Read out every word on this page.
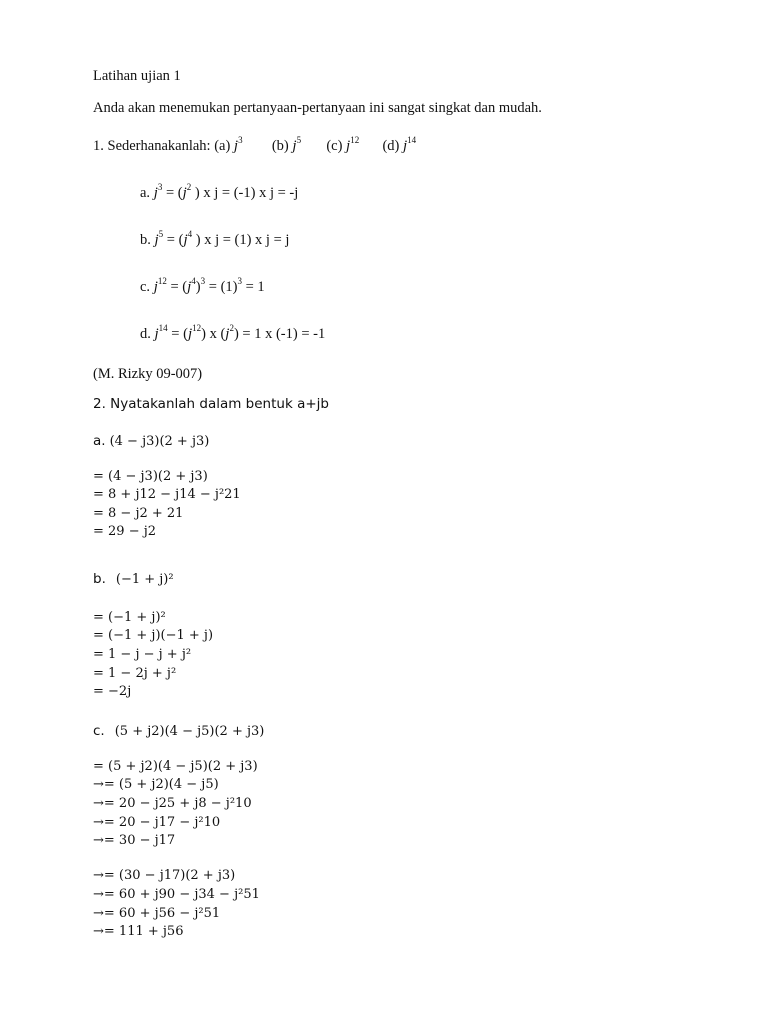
Latihan ujian 1
Anda akan menemukan pertanyaan-pertanyaan ini sangat singkat dan mudah.
1. Sederhanakanlah: (a) $j^3$ (b) $j^5$ (c) $j^{12}$ (d) $j^{14}$
a. $j^3 = (j^2$ ) x j = (-1) x j = -j
b. $j^5 = (j^4$ ) x j = (1) x j = j
c. $j^{12} = (j^4)^3 = (1)^3 = 1$
d. $j^{14} = (j^{12})$ x $(j^2) = 1$ x (-1) = -1
(M. Rizky 09-007)
2. Nyatakanlah dalam bentuk a+jb
a. (4 − j3)(2 + j3)
= (4 − j3)(2 + j3)
= 8 + j12 − j14 − j²21
= 8 − j2 + 21
= 29 − j2
b. (−1 + j)²
= (−1 + j)²
= (−1 + j)(−1 + j)
= 1 − j − j + j²
= 1 − 2j + j²
= −2j
c. (5 + j2)(4 − j5)(2 + j3)
= (5 + j2)(4 − j5)(2 + j3)
→= (5 + j2)(4 − j5)
→= 20 − j25 + j8 − j²10
→= 20 − j17 − j²10
→= 30 − j17
→= (30 − j17)(2 + j3)
→= 60 + j90 − j34 − j²51
→= 60 + j56 − j²51
→= 111 + j56
